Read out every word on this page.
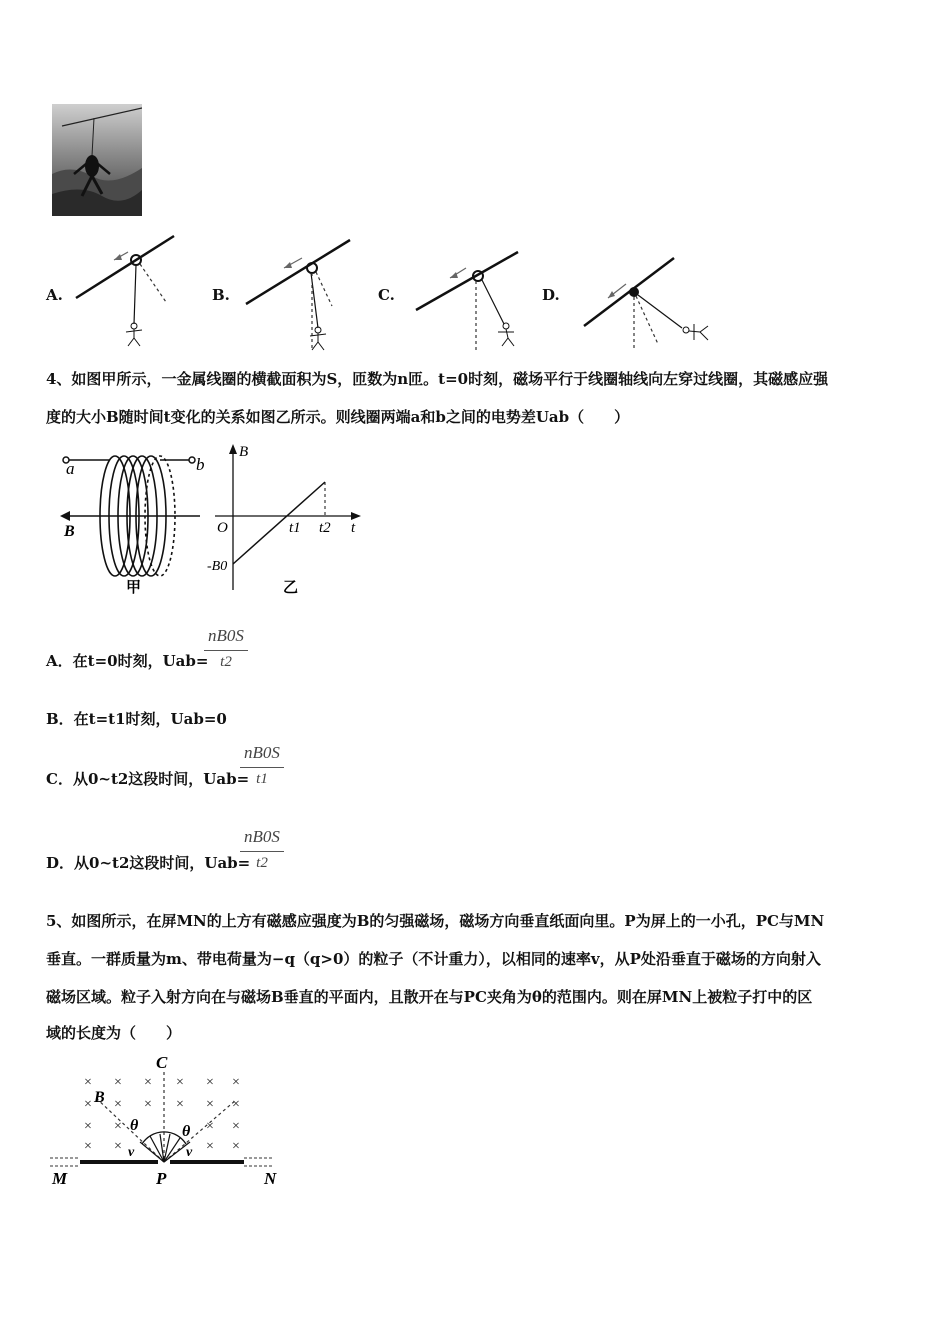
A.	B.	C.	D.
4、如图甲所示，一金属线圈的横截面积为S，匝数为n匝。t=0时刻，磁场平行于线圈轴线向左穿过线圈，其磁感应强
度的大小B随时间t变化的关系如图乙所示。则线圈两端a和b之间的电势差Uab（　　）
a	b
B
甲
B
O	t1 t2 t
-B0
乙
A．在t=0时刻，Uab=
nB0S
t2
B．在t=t1时刻，Uab=0
C．从0~t2这段时间，Uab=
nB0S
t1
D．从0~t2这段时间，Uab=
nB0S
t2
5、如图所示，在屏MN的上方有磁感应强度为B的匀强磁场，磁场方向垂直纸面向里。P为屏上的一小孔，PC与MN
垂直。一群质量为m、带电荷量为−q（q>0）的粒子（不计重力），以相同的速率v，从P处沿垂直于磁场的方向射入
磁场区域。粒子入射方向在与磁场B垂直的平面内，且散开在与PC夹角为θ的范围内。则在屏MN上被粒子打中的区
域的长度为（　　）
× × × × × ×
× × × × × ×
× ×	× ×
× ×	× ×
C
B
θ	θ
v	v
M	P	N
